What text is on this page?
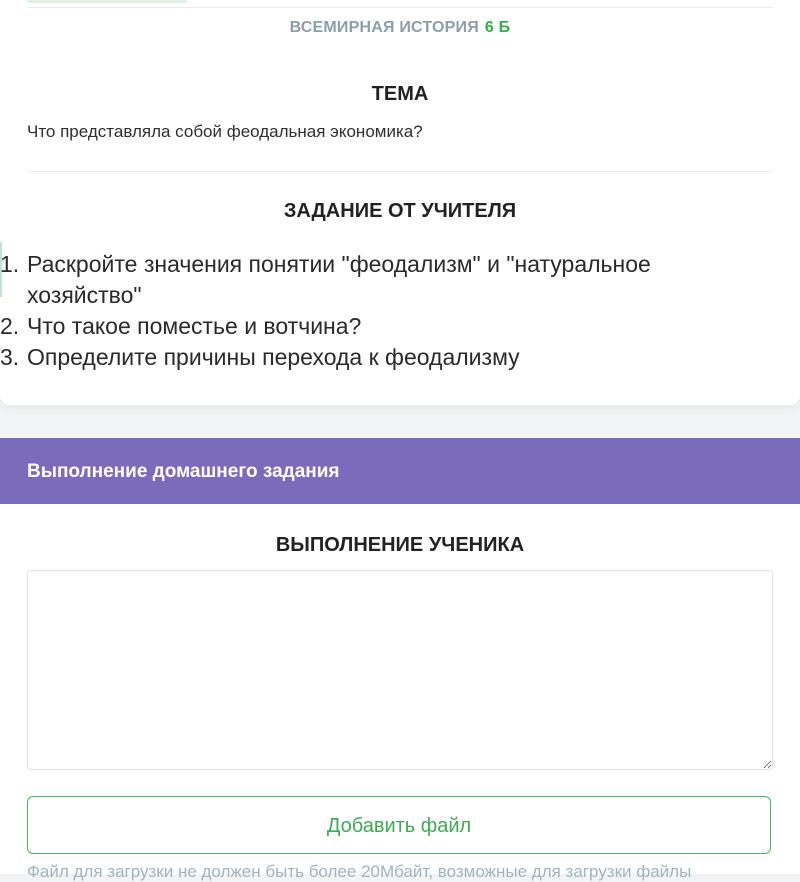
ВСЕМИРНАЯ ИСТОРИЯ 6 Б
ТЕМА
Что представляла собой феодальная экономика?
ЗАДАНИЕ ОТ УЧИТЕЛЯ
1. Раскройте значения понятии "феодализм" и "натуральное хозяйство"
2. Что такое поместье и вотчина?
3. Определите причины перехода к феодализму
Выполнение домашнего задания
ВЫПОЛНЕНИЕ УЧЕНИКА
Добавить файл
Файл для загрузки не должен быть более 20Мбайт, возможные для загрузки файлы
